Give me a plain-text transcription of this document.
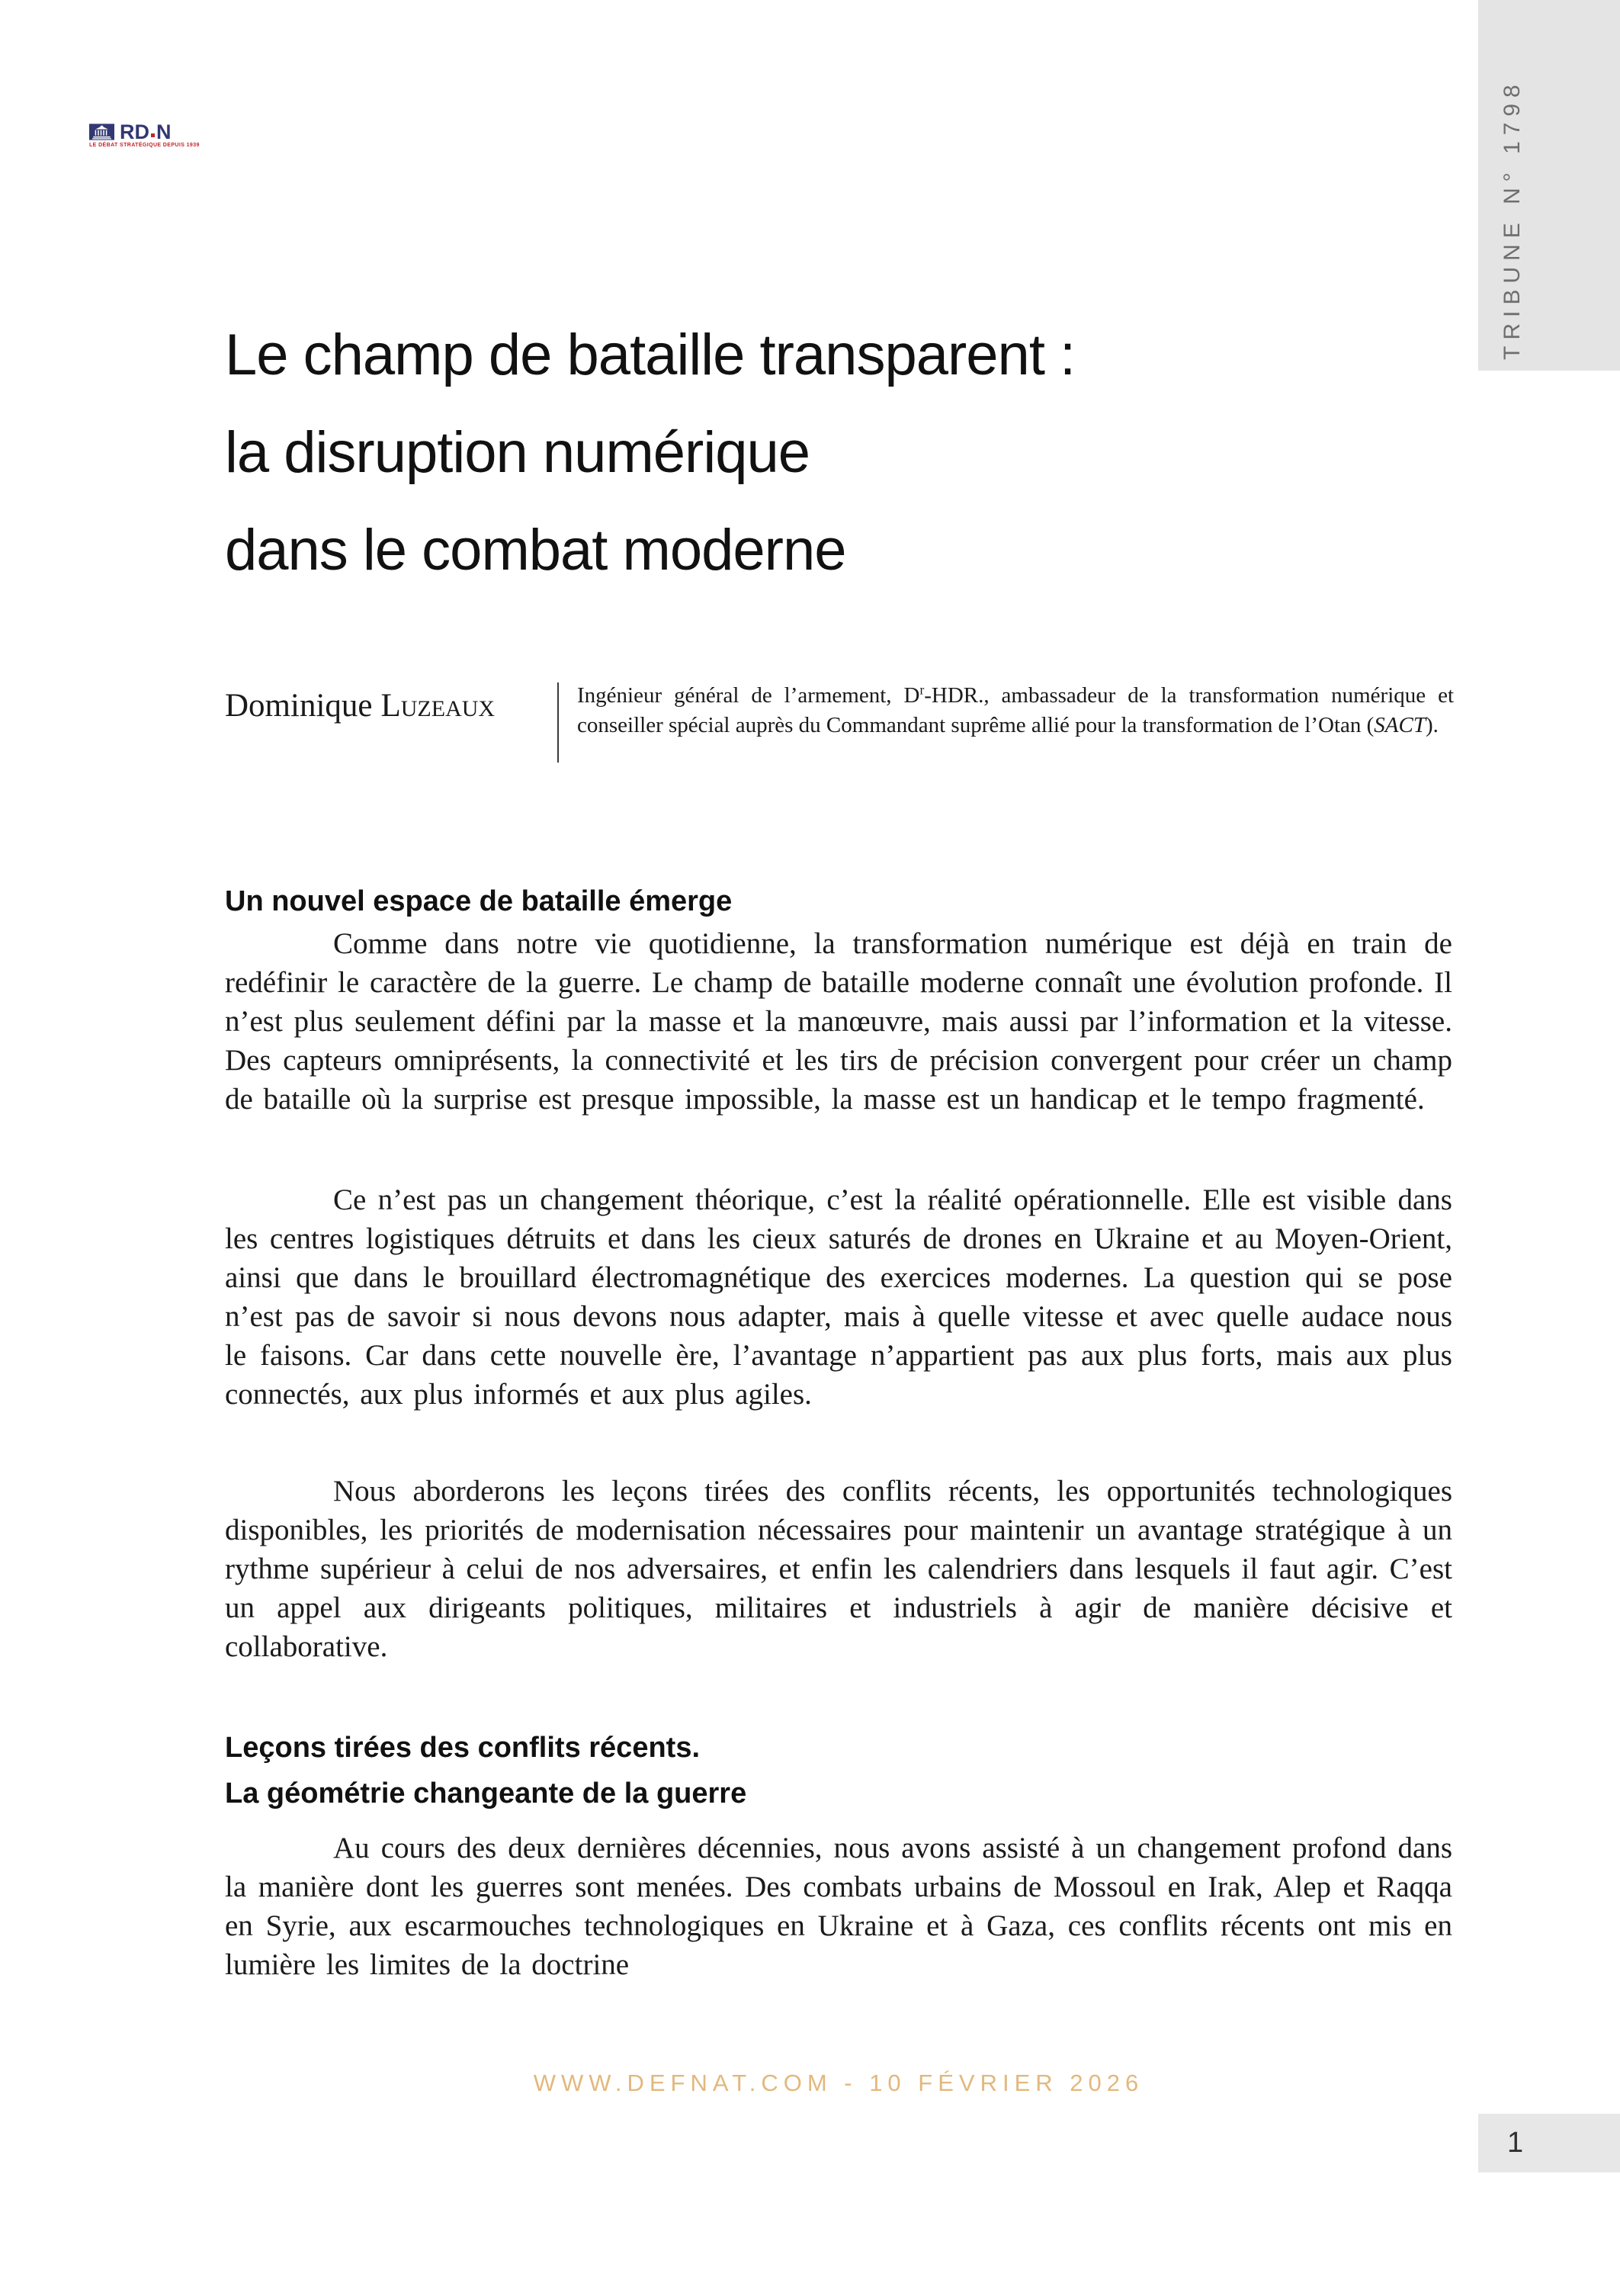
RD N
LE DÉBAT STRATÉGIQUE DEPUIS 1939	TRIBUNE N° 1798
Le champ de bataille transparent :
la disruption numérique
dans le combat moderne
Dominique Luzeaux	Ingénieur général de l’armement, $D^r$-HDR., ambassadeur de la transformation numérique et conseiller spécial auprès du Commandant suprême allié pour la transformation de l’Otan (SACT).
Un nouvel espace de bataille émerge

Comme dans notre vie quotidienne, la transformation numérique est déjà en train de redéfinir le caractère de la guerre. Le champ de bataille moderne connaît une évolution profonde. Il n’est plus seulement défini par la masse et la manœuvre, mais aussi par l’information et la vitesse. Des capteurs omniprésents, la connectivité et les tirs de précision convergent pour créer un champ de bataille où la surprise est presque impossible, la masse est un handicap et le tempo fragmenté.

Ce n’est pas un changement théorique, c’est la réalité opérationnelle. Elle est visible dans les centres logistiques détruits et dans les cieux saturés de drones en Ukraine et au Moyen-Orient, ainsi que dans le brouillard électromagnétique des exercices modernes. La question qui se pose n’est pas de savoir si nous devons nous adapter, mais à quelle vitesse et avec quelle audace nous le faisons. Car dans cette nouvelle ère, l’avantage n’appartient pas aux plus forts, mais aux plus connectés, aux plus informés et aux plus agiles.

Nous aborderons les leçons tirées des conflits récents, les opportunités technologiques disponibles, les priorités de modernisation nécessaires pour maintenir un avantage stratégique à un rythme supérieur à celui de nos adversaires, et enfin les calendriers dans lesquels il faut agir. C’est un appel aux dirigeants politiques, militaires et industriels à agir de manière décisive et collaborative.

Leçons tirées des conflits récents.
La géométrie changeante de la guerre

Au cours des deux dernières décennies, nous avons assisté à un changement profond dans la manière dont les guerres sont menées. Des combats urbains de Mossoul en Irak, Alep et Raqqa en Syrie, aux escarmouches technologiques en Ukraine et à Gaza, ces conflits récents ont mis en lumière les limites de la doctrine

WWW.DEFNAT.COM - 10 FÉVRIER 2026
1
